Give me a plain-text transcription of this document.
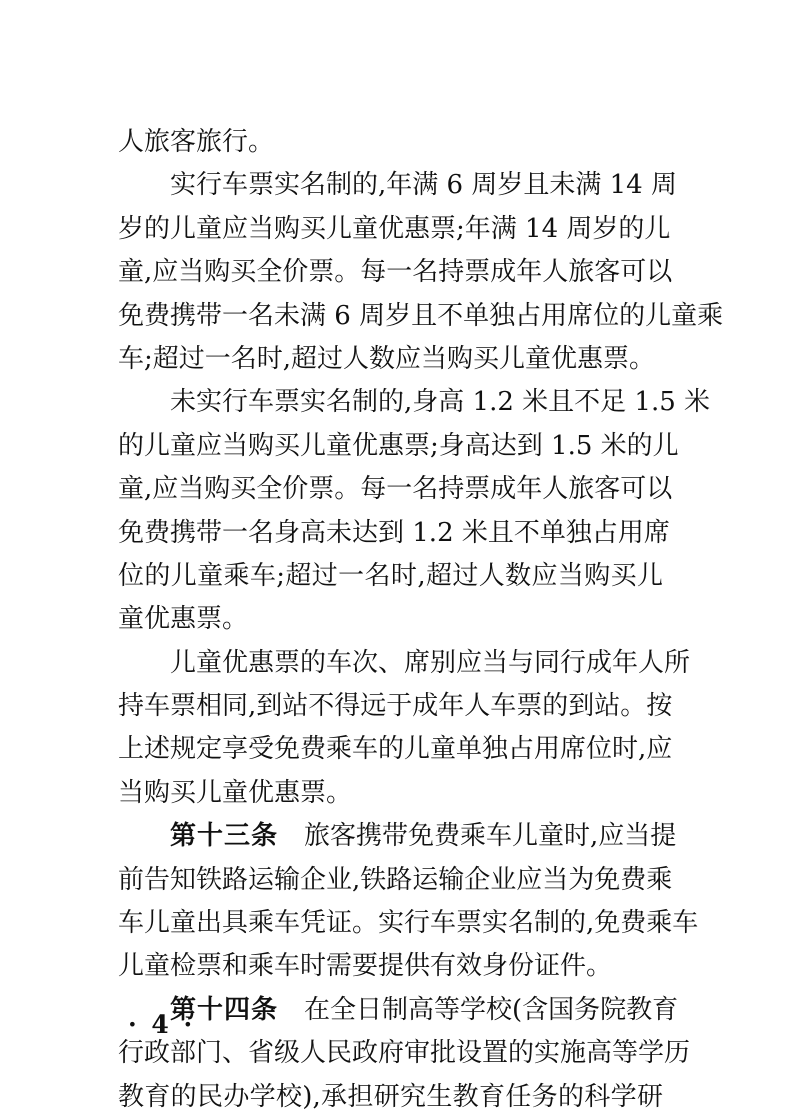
人旅客旅行。
实行车票实名制的,年满 6 周岁且未满 14 周
岁的儿童应当购买儿童优惠票;年满 14 周岁的儿
童,应当购买全价票。每一名持票成年人旅客可以
免费携带一名未满 6 周岁且不单独占用席位的儿童乘
车;超过一名时,超过人数应当购买儿童优惠票。
未实行车票实名制的,身高 1.2 米且不足 1.5 米
的儿童应当购买儿童优惠票;身高达到 1.5 米的儿
童,应当购买全价票。每一名持票成年人旅客可以
免费携带一名身高未达到 1.2 米且不单独占用席
位的儿童乘车;超过一名时,超过人数应当购买儿
童优惠票。
儿童优惠票的车次、席别应当与同行成年人所
持车票相同,到站不得远于成年人车票的到站。按
上述规定享受免费乘车的儿童单独占用席位时,应
当购买儿童优惠票。
第十三条 旅客携带免费乘车儿童时,应当提
前告知铁路运输企业,铁路运输企业应当为免费乘
车儿童出具乘车凭证。实行车票实名制的,免费乘车
儿童检票和乘车时需要提供有效身份证件。
第十四条 在全日制高等学校(含国务院教育
行政部门、省级人民政府审批设置的实施高等学历
教育的民办学校),承担研究生教育任务的科学研
· 4 ·
